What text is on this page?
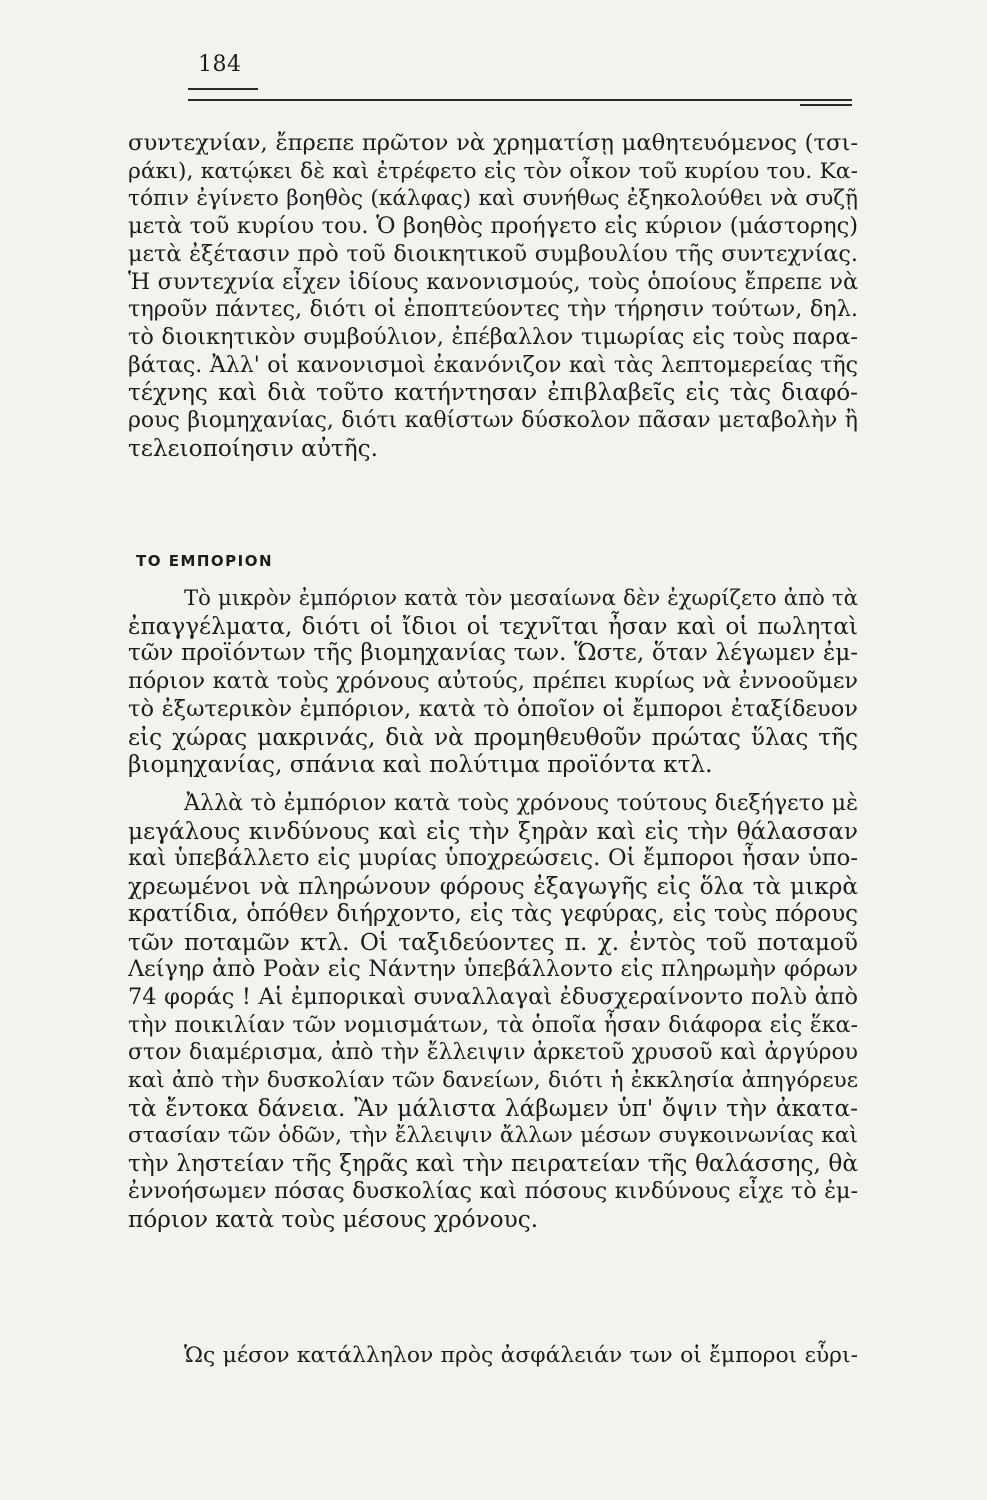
184
συντεχνίαν, ἔπρεπε πρῶτον νὰ χρηματίσῃ μαθητευόμενος (τσι-
ράκι), κατῴκει δὲ καὶ ἐτρέφετο εἰς τὸν οἶκον τοῦ κυρίου του. Κα-
τόπιν ἐγίνετο βοηθὸς (κάλφας) καὶ συνήθως ἐξηκολούθει νὰ συζῇ
μετὰ τοῦ κυρίου του. Ὁ βοηθὸς προήγετο εἰς κύριον (μάστορης)
μετὰ ἐξέτασιν πρὸ τοῦ διοικητικοῦ συμβουλίου τῆς συντεχνίας.
Ἡ συντεχνία εἶχεν ἰδίους κανονισμούς, τοὺς ὁποίους ἔπρεπε νὰ
τηροῦν πάντες, διότι οἱ ἐποπτεύοντες τὴν τήρησιν τούτων, δηλ.
τὸ διοικητικὸν συμβούλιον, ἐπέβαλλον τιμωρίας εἰς τοὺς παρα-
βάτας. Ἀλλ' οἱ κανονισμοὶ ἐκανόνιζον καὶ τὰς λεπτομερείας τῆς
τέχνης καὶ διὰ τοῦτο κατήντησαν ἐπιβλαβεῖς εἰς τὰς διαφό-
ρους βιομηχανίας, διότι καθίστων δύσκολον πᾶσαν μεταβολὴν ἢ
τελειοποίησιν αὐτῆς.
ΤΟ ΕΜΠΟΡΙΟΝ
Τὸ μικρὸν ἐμπόριον κατὰ τὸν μεσαίωνα δὲν ἐχωρίζετο ἀπὸ τὰ
ἐπαγγέλματα, διότι οἱ ἴδιοι οἱ τεχνῖται ἦσαν καὶ οἱ πωληταὶ
τῶν προϊόντων τῆς βιομηχανίας των. Ὥστε, ὅταν λέγωμεν ἐμ-
πόριον κατὰ τοὺς χρόνους αὐτούς, πρέπει κυρίως νὰ ἐννοοῦμεν
τὸ ἐξωτερικὸν ἐμπόριον, κατὰ τὸ ὁποῖον οἱ ἔμποροι ἐταξίδευον
εἰς χώρας μακρινάς, διὰ νὰ προμηθευθοῦν πρώτας ὕλας τῆς
βιομηχανίας, σπάνια καὶ πολύτιμα προϊόντα κτλ.
Ἀλλὰ τὸ ἐμπόριον κατὰ τοὺς χρόνους τούτους διεξήγετο μὲ
μεγάλους κινδύνους καὶ εἰς τὴν ξηρὰν καὶ εἰς τὴν θάλασσαν
καὶ ὑπεβάλλετο εἰς μυρίας ὑποχρεώσεις. Οἱ ἔμποροι ἦσαν ὑπο-
χρεωμένοι νὰ πληρώνουν φόρους ἐξαγωγῆς εἰς ὅλα τὰ μικρὰ
κρατίδια, ὁπόθεν διήρχοντο, εἰς τὰς γεφύρας, εἰς τοὺς πόρους
τῶν ποταμῶν κτλ. Οἱ ταξιδεύοντες π. χ. ἐντὸς τοῦ ποταμοῦ
Λείγηρ ἀπὸ Ροὰν εἰς Νάντην ὑπεβάλλοντο εἰς πληρωμὴν φόρων
74 φοράς ! Αἱ ἐμπορικαὶ συναλλαγαὶ ἐδυσχεραίνοντο πολὺ ἀπὸ
τὴν ποικιλίαν τῶν νομισμάτων, τὰ ὁποῖα ἦσαν διάφορα εἰς ἕκα-
στον διαμέρισμα, ἀπὸ τὴν ἔλλειψιν ἀρκετοῦ χρυσοῦ καὶ ἀργύρου
καὶ ἀπὸ τὴν δυσκολίαν τῶν δανείων, διότι ἡ ἐκκλησία ἀπηγόρευε
τὰ ἔντοκα δάνεια. Ἂν μάλιστα λάβωμεν ὑπ' ὄψιν τὴν ἀκατα-
στασίαν τῶν ὁδῶν, τὴν ἔλλειψιν ἄλλων μέσων συγκοινωνίας καὶ
τὴν ληστείαν τῆς ξηρᾶς καὶ τὴν πειρατείαν τῆς θαλάσσης, θὰ
ἐννοήσωμεν πόσας δυσκολίας καὶ πόσους κινδύνους εἶχε τὸ ἐμ-
πόριον κατὰ τοὺς μέσους χρόνους.
Ὡς μέσον κατάλληλον πρὸς ἀσφάλειάν των οἱ ἔμποροι εὗρι-
